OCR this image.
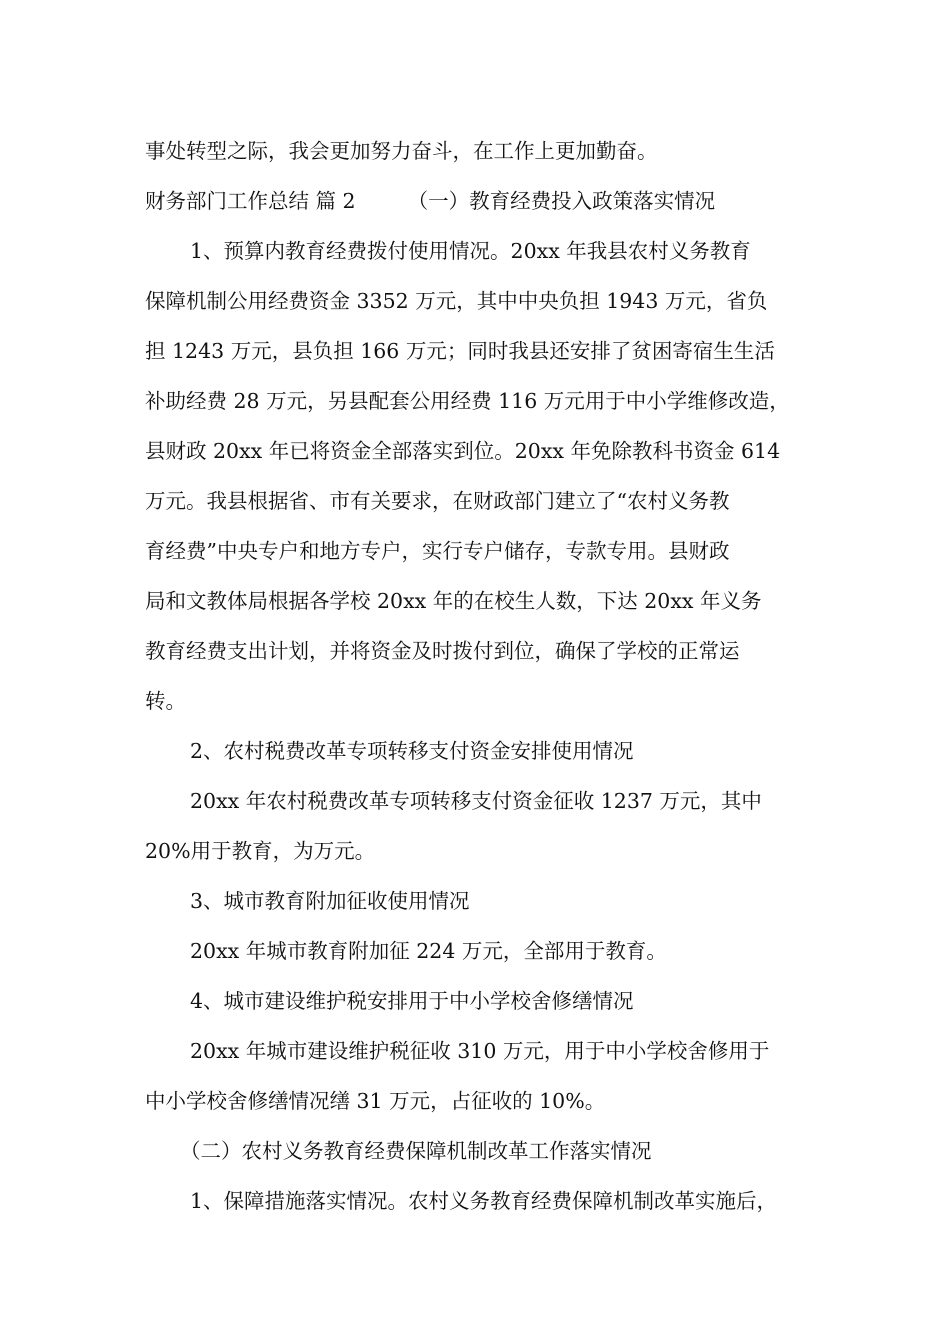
事处转型之际，我会更加努力奋斗，在工作上更加勤奋。
财务部门工作总结 篇 2	（一）教育经费投入政策落实情况
1、预算内教育经费拨付使用情况。20xx 年我县农村义务教育
保障机制公用经费资金 3352 万元，其中中央负担 1943 万元，省负
担 1243 万元，县负担 166 万元；同时我县还安排了贫困寄宿生生活
补助经费 28 万元，另县配套公用经费 116 万元用于中小学维修改造，
县财政 20xx 年已将资金全部落实到位。20xx 年免除教科书资金 614
万元。我县根据省、市有关要求，在财政部门建立了“农村义务教
育经费”中央专户和地方专户，实行专户储存，专款专用。县财政
局和文教体局根据各学校 20xx 年的在校生人数，下达 20xx 年义务
教育经费支出计划，并将资金及时拨付到位，确保了学校的正常运
转。
2、农村税费改革专项转移支付资金安排使用情况
20xx 年农村税费改革专项转移支付资金征收 1237 万元，其中
20%用于教育，为万元。
3、城市教育附加征收使用情况
20xx 年城市教育附加征 224 万元，全部用于教育。
4、城市建设维护税安排用于中小学校舍修缮情况
20xx 年城市建设维护税征收 310 万元，用于中小学校舍修用于
中小学校舍修缮情况缮 31 万元，占征收的 10%。
（二）农村义务教育经费保障机制改革工作落实情况
1、保障措施落实情况。农村义务教育经费保障机制改革实施后，
